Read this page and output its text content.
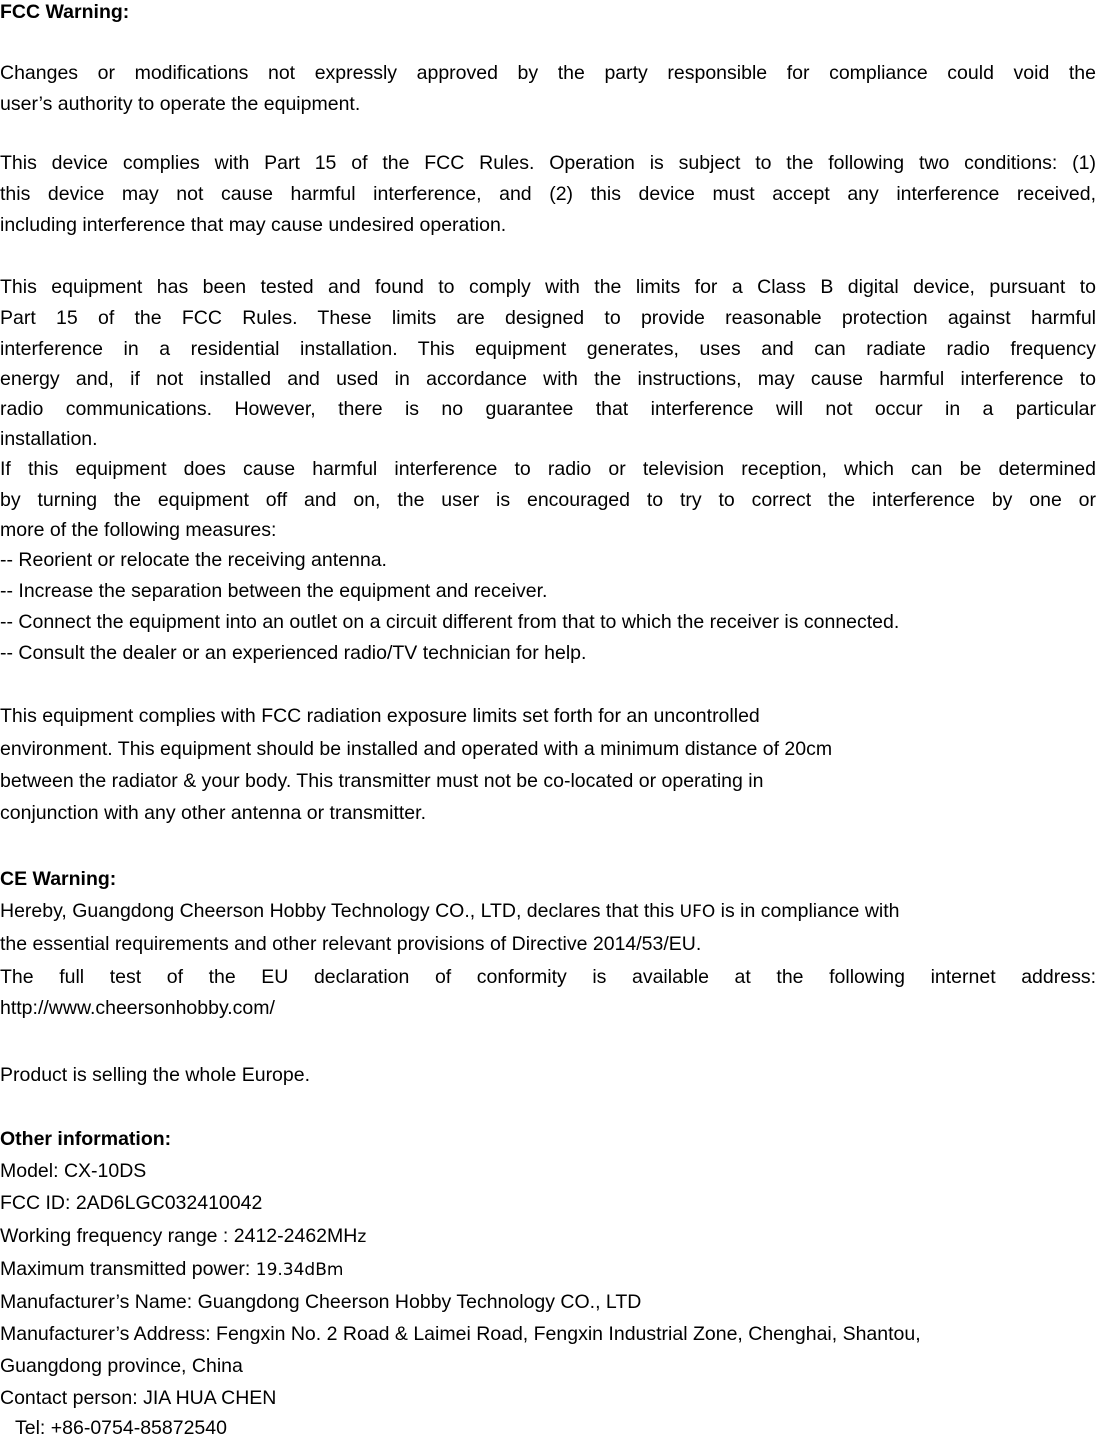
FCC Warning:
Changes or modifications not expressly approved by the party responsible for compliance could void the
user’s authority to operate the equipment.
This device complies with Part 15 of the FCC Rules. Operation is subject to the following two conditions: (1)
this device may not cause harmful interference, and (2) this device must accept any interference received,
including interference that may cause undesired operation.
This equipment has been tested and found to comply with the limits for a Class B digital device, pursuant to
Part 15 of the FCC Rules. These limits are designed to provide reasonable protection against harmful
interference in a residential installation. This equipment generates, uses and can radiate radio frequency
energy and, if not installed and used in accordance with the instructions, may cause harmful interference to
radio communications. However, there is no guarantee that interference will not occur in a particular
installation.
If this equipment does cause harmful interference to radio or television reception, which can be determined
by turning the equipment off and on, the user is encouraged to try to correct the interference by one or
more of the following measures:
-- Reorient or relocate the receiving antenna.
-- Increase the separation between the equipment and receiver.
-- Connect the equipment into an outlet on a circuit different from that to which the receiver is connected.
-- Consult the dealer or an experienced radio/TV technician for help.
This equipment complies with FCC radiation exposure limits set forth for an uncontrolled
environment. This equipment should be installed and operated with a minimum distance of 20cm
between the radiator & your body. This transmitter must not be co-located or operating in
conjunction with any other antenna or transmitter.
CE Warning:
Hereby, Guangdong Cheerson Hobby Technology CO., LTD, declares that this UFO is in compliance with
the essential requirements and other relevant provisions of Directive 2014/53/EU.
The full test of the EU declaration of conformity is available at the following internet address:
http://www.cheersonhobby.com/
Product is selling the whole Europe.
Other information:
Model: CX-10DS
FCC ID: 2AD6LGC032410042
Working frequency range : 2412-2462MHz
Maximum transmitted power: 19.34dBm
Manufacturer’s Name: Guangdong Cheerson Hobby Technology CO., LTD
Manufacturer’s Address: Fengxin No. 2 Road & Laimei Road, Fengxin Industrial Zone, Chenghai, Shantou,
Guangdong province, China
Contact person: JIA HUA CHEN
Tel: +86-0754-85872540
